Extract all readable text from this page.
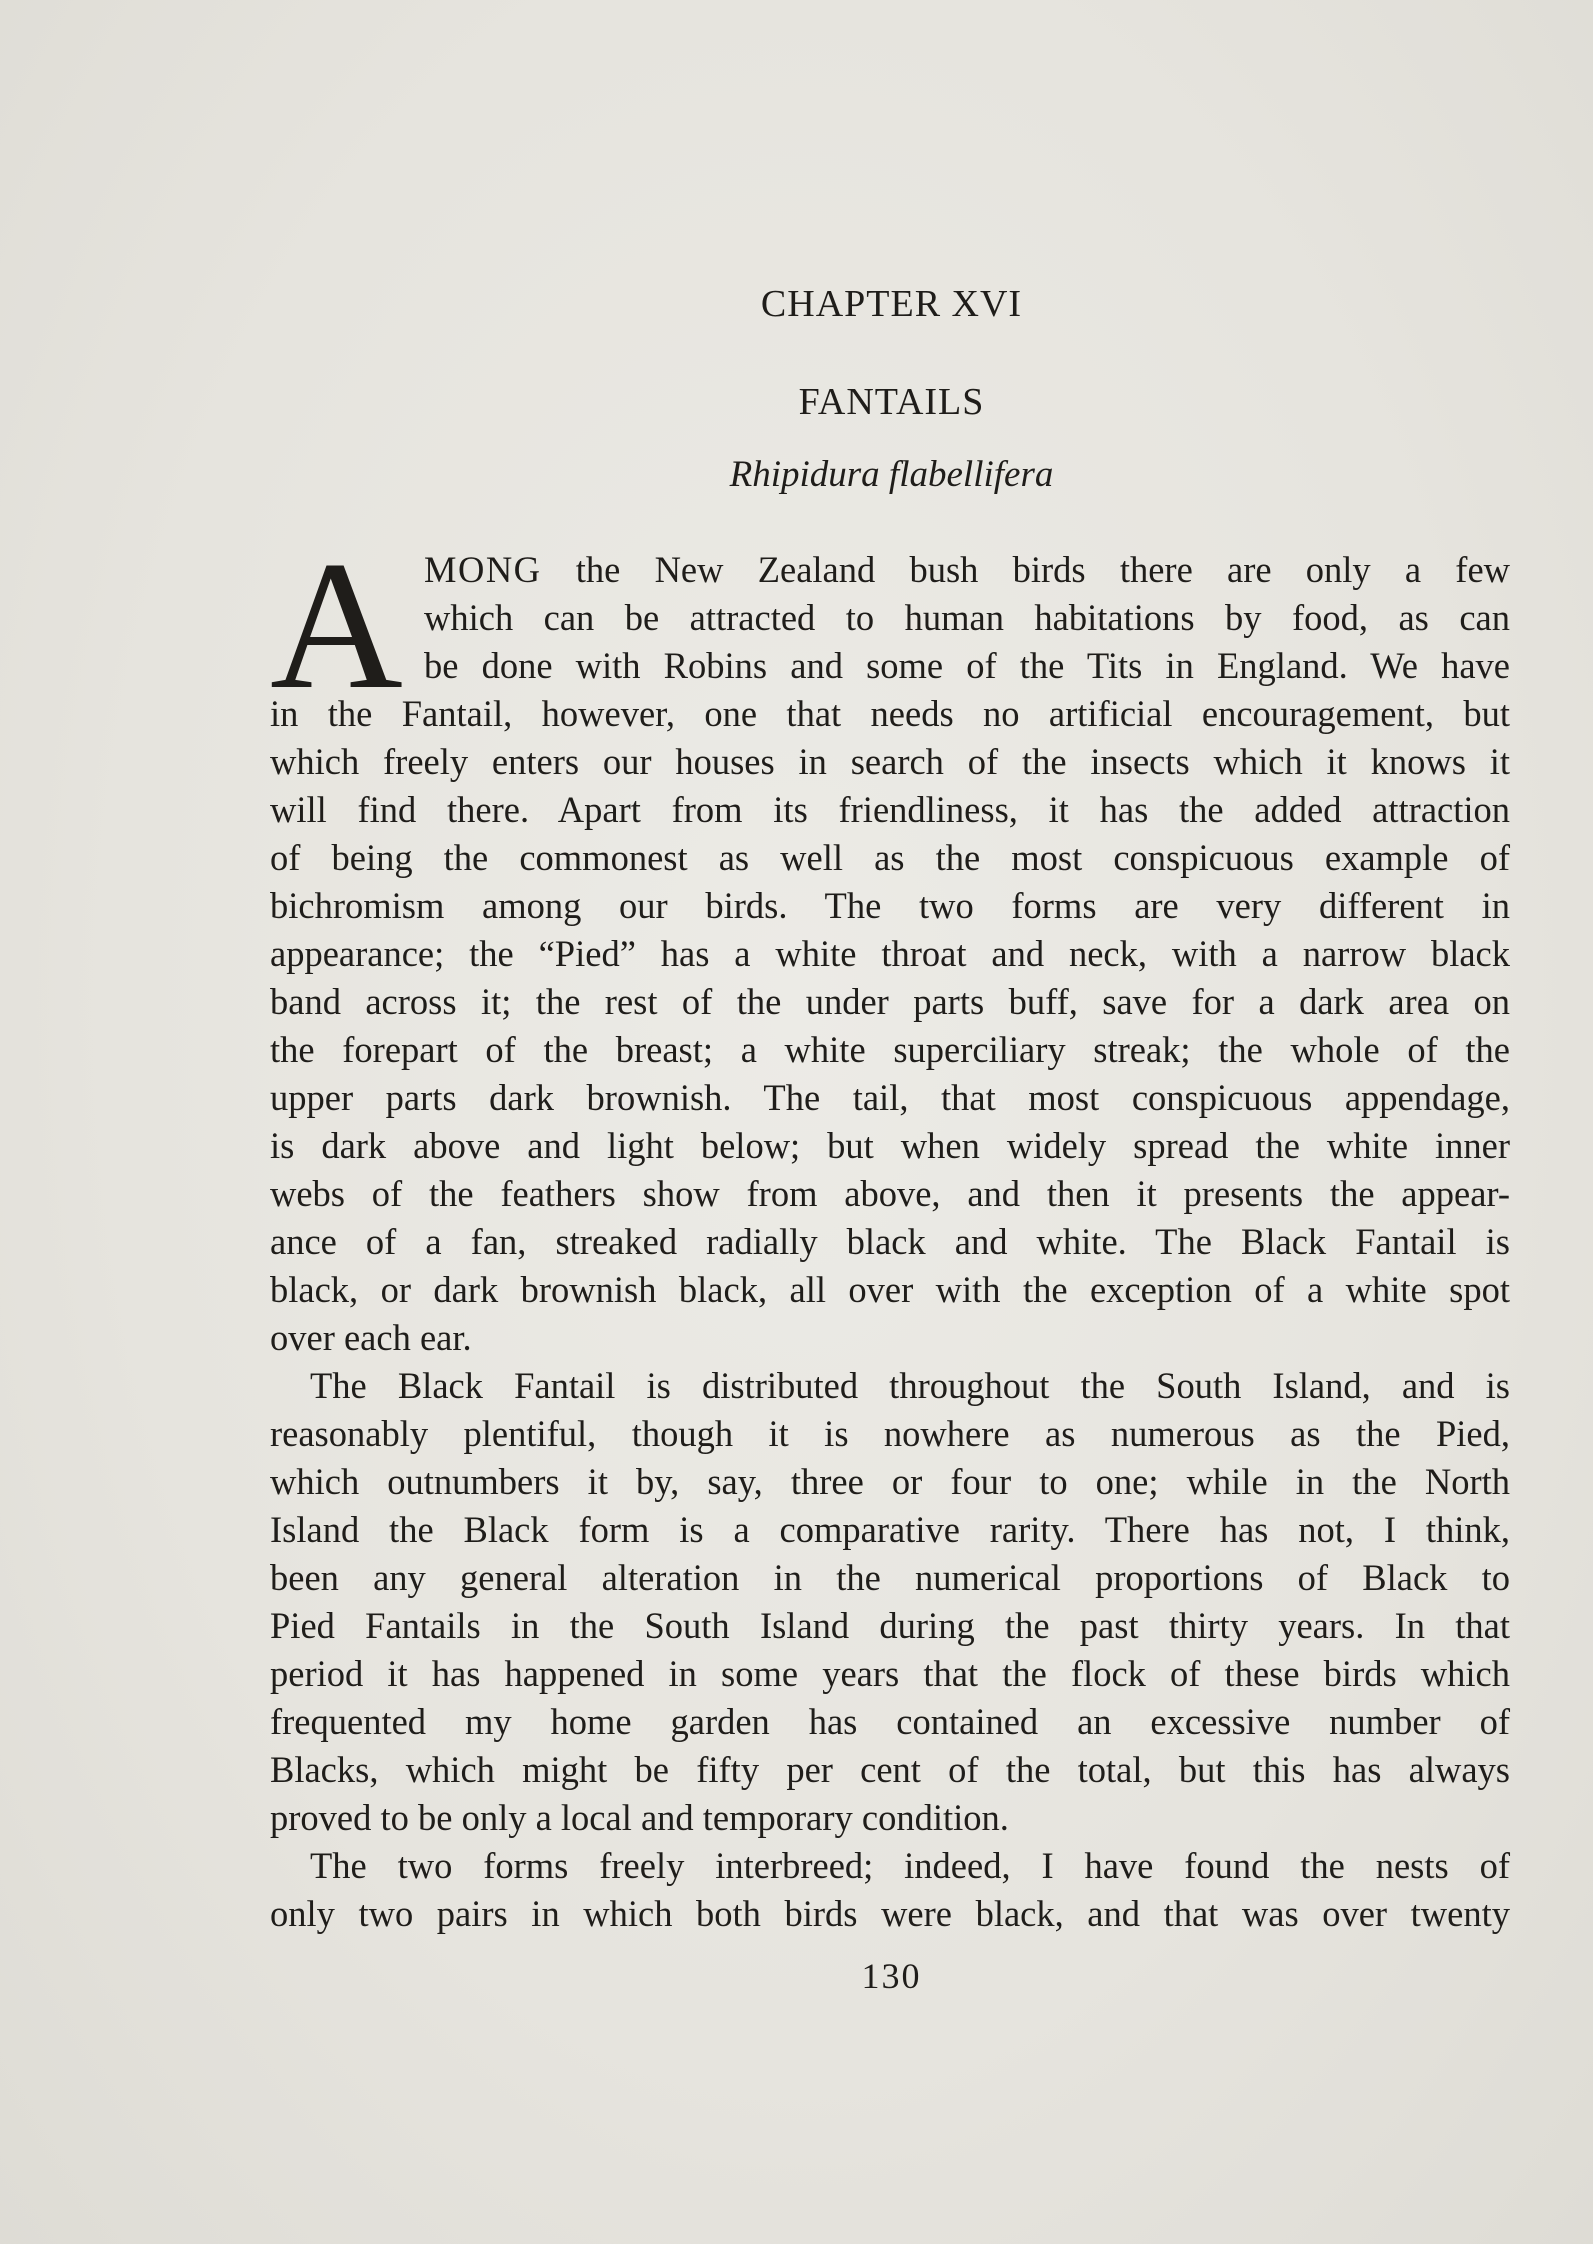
CHAPTER XVI
FANTAILS
Rhipidura flabellifera
A MONG the New Zealand bush birds there are only a few
which can be attracted to human habitations by food, as can
be done with Robins and some of the Tits in England. We have
in the Fantail, however, one that needs no artificial encouragement, but
which freely enters our houses in search of the insects which it knows it
will find there. Apart from its friendliness, it has the added attraction
of being the commonest as well as the most conspicuous example of
bichromism among our birds. The two forms are very different in
appearance; the “Pied” has a white throat and neck, with a narrow black
band across it; the rest of the under parts buff, save for a dark area on
the forepart of the breast; a white superciliary streak; the whole of the
upper parts dark brownish. The tail, that most conspicuous appendage,
is dark above and light below; but when widely spread the white inner
webs of the feathers show from above, and then it presents the appear-
ance of a fan, streaked radially black and white. The Black Fantail is
black, or dark brownish black, all over with the exception of a white spot
over each ear.
The Black Fantail is distributed throughout the South Island, and is
reasonably plentiful, though it is nowhere as numerous as the Pied,
which outnumbers it by, say, three or four to one; while in the North
Island the Black form is a comparative rarity. There has not, I think,
been any general alteration in the numerical proportions of Black to
Pied Fantails in the South Island during the past thirty years. In that
period it has happened in some years that the flock of these birds which
frequented my home garden has contained an excessive number of
Blacks, which might be fifty per cent of the total, but this has always
proved to be only a local and temporary condition.
The two forms freely interbreed; indeed, I have found the nests of
only two pairs in which both birds were black, and that was over twenty
130
